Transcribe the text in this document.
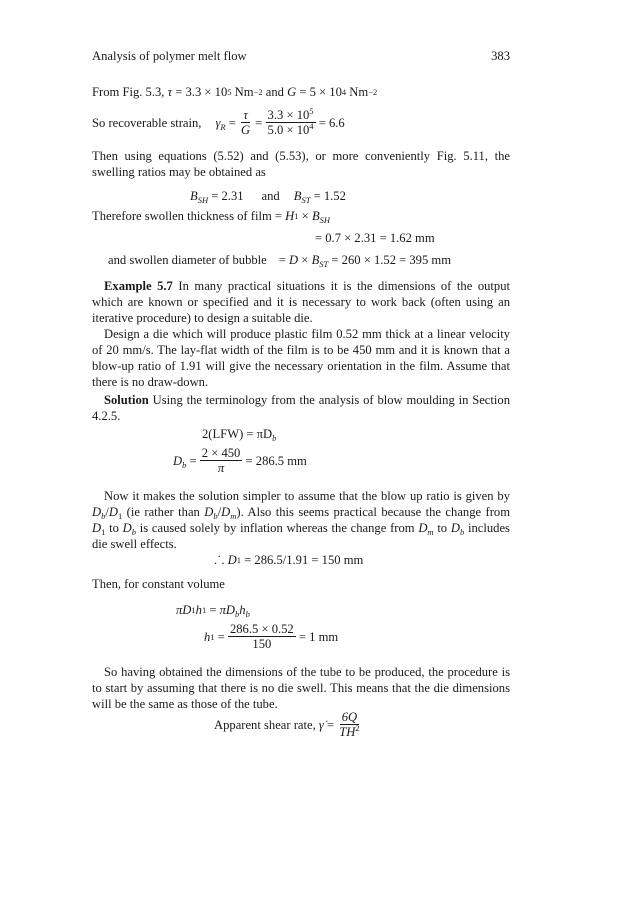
Analysis of polymer melt flow	383
From Fig. 5.3,
τ = 3.3 × 10 5 Nm −2 and G = 5 × 10 4 Nm −2
So recoverable strain, $\gamma_R = \frac{\tau}{G} = \frac{3.3 \times 10^5}{5.0 \times 10^4} = 6.6$

Then using equations (5.52) and (5.53), or more conveniently Fig. 5.11, the swelling ratios may be obtained as

$B_{SH}$
= 2.31 and $B_{ST}$
= 1.52
Therefore swollen thickness of film = H $1 \times B_{SH}$
= 0.7 × 2.31 = 1.62 mm
and swollen diameter of bubble = $D \times B_{ST}$
= 260 × 1.52 = 395 mm

Example 5.7 In many practical situations it is the dimensions of the output which are known or specified and it is necessary to work back (often using an iterative procedure) to design a suitable die.

Design a die which will produce plastic film 0.52 mm thick at a linear velocity of 20 mm/s. The lay-flat width of the film is to be 450 mm and it is known that a blow-up ratio of 1.91 will give the necessary orientation in the film. Assume that there is no draw-down.

Solution Using the terminology from the analysis of blow moulding in Section 4.2.5.

2(LFW) = πD $_b$
$D_b = \frac{2 \times 450}{\pi}$
= 286.5 mm

Now it makes the solution simpler to assume that the blow up ratio is given by $D_b/D_1$ (ie rather than $D_b/D_m$). Also this seems practical because the change from $D_1$ to $D_b$ is caused solely by inflation whereas the change from $D_m$ to $D_b$ includes die swell effects.

.˙. D 1
= 286.5/1.91 = 150 mm
Then, for constant volume
πD 1 h $1 = \pi D_bh_b$
h $1 = \frac{286.5 \times 0.52}{150}$
= 1 mm

So having obtained the dimensions of the tube to be produced, the procedure is to start by assuming that there is no die swell. This means that the die dimensions will be the same as those of the tube.

Apparent shear rate,
γ̇ = $\frac{6Q}{TH^2}$
